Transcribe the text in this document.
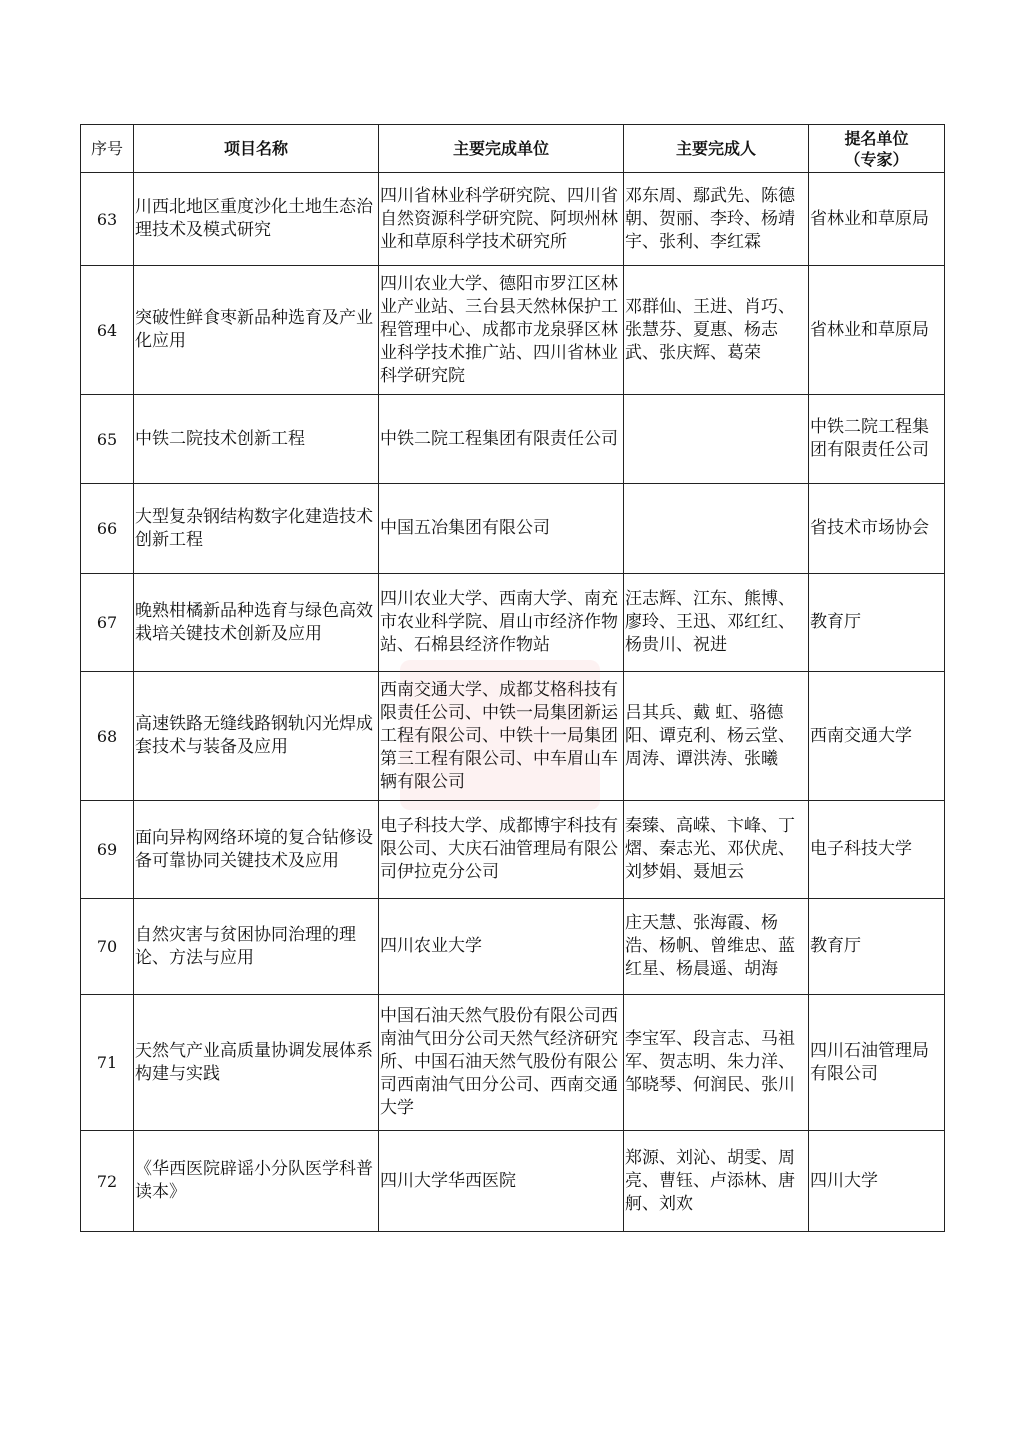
序号	项目名称	主要完成单位	主要完成人	提名单位
（专家）
63	川西北地区重度沙化土地生态治理技术及模式研究	四川省林业科学研究院、四川省自然资源科学研究院、阿坝州林业和草原科学技术研究所	邓东周、鄢武先、陈德朝、贺丽、李玲、杨靖宇、张利、李红霖	省林业和草原局
64	突破性鲜食枣新品种选育及产业化应用	四川农业大学、德阳市罗江区林业产业站、三台县天然林保护工程管理中心、成都市龙泉驿区林业科学技术推广站、四川省林业科学研究院	邓群仙、王进、肖巧、张慧芬、夏惠、杨志武、张庆辉、葛荣	省林业和草原局
65	中铁二院技术创新工程	中铁二院工程集团有限责任公司		中铁二院工程集团有限责任公司
66	大型复杂钢结构数字化建造技术创新工程	中国五冶集团有限公司		省技术市场协会
67	晚熟柑橘新品种选育与绿色高效栽培关键技术创新及应用	四川农业大学、西南大学、南充市农业科学院、眉山市经济作物站、石棉县经济作物站	汪志辉、江东、熊博、廖玲、王迅、邓红红、杨贵川、祝进	教育厅
68	高速铁路无缝线路钢轨闪光焊成套技术与装备及应用	西南交通大学、成都艾格科技有限责任公司、中铁一局集团新运工程有限公司、中铁十一局集团第三工程有限公司、中车眉山车辆有限公司	吕其兵、戴 虹、骆德阳、谭克利、杨云堂、周涛、谭洪涛、张曦	西南交通大学
69	面向异构网络环境的复合钻修设备可靠协同关键技术及应用	电子科技大学、成都博宇科技有限公司、大庆石油管理局有限公司伊拉克分公司	秦臻、高嵘、卞峰、丁熠、秦志光、邓伏虎、刘梦娟、聂旭云	电子科技大学
70	自然灾害与贫困协同治理的理论、方法与应用	四川农业大学	庄天慧、张海霞、杨浩、杨帆、曾维忠、蓝红星、杨晨遥、胡海	教育厅
71	天然气产业高质量协调发展体系构建与实践	中国石油天然气股份有限公司西南油气田分公司天然气经济研究所、中国石油天然气股份有限公司西南油气田分公司、西南交通大学	李宝军、段言志、马祖军、贺志明、朱力洋、邹晓琴、何润民、张川	四川石油管理局有限公司
72	《华西医院辟谣小分队医学科普读本》	四川大学华西医院	郑源、刘沁、胡雯、周亮、曹钰、卢添林、唐舸、刘欢	四川大学
